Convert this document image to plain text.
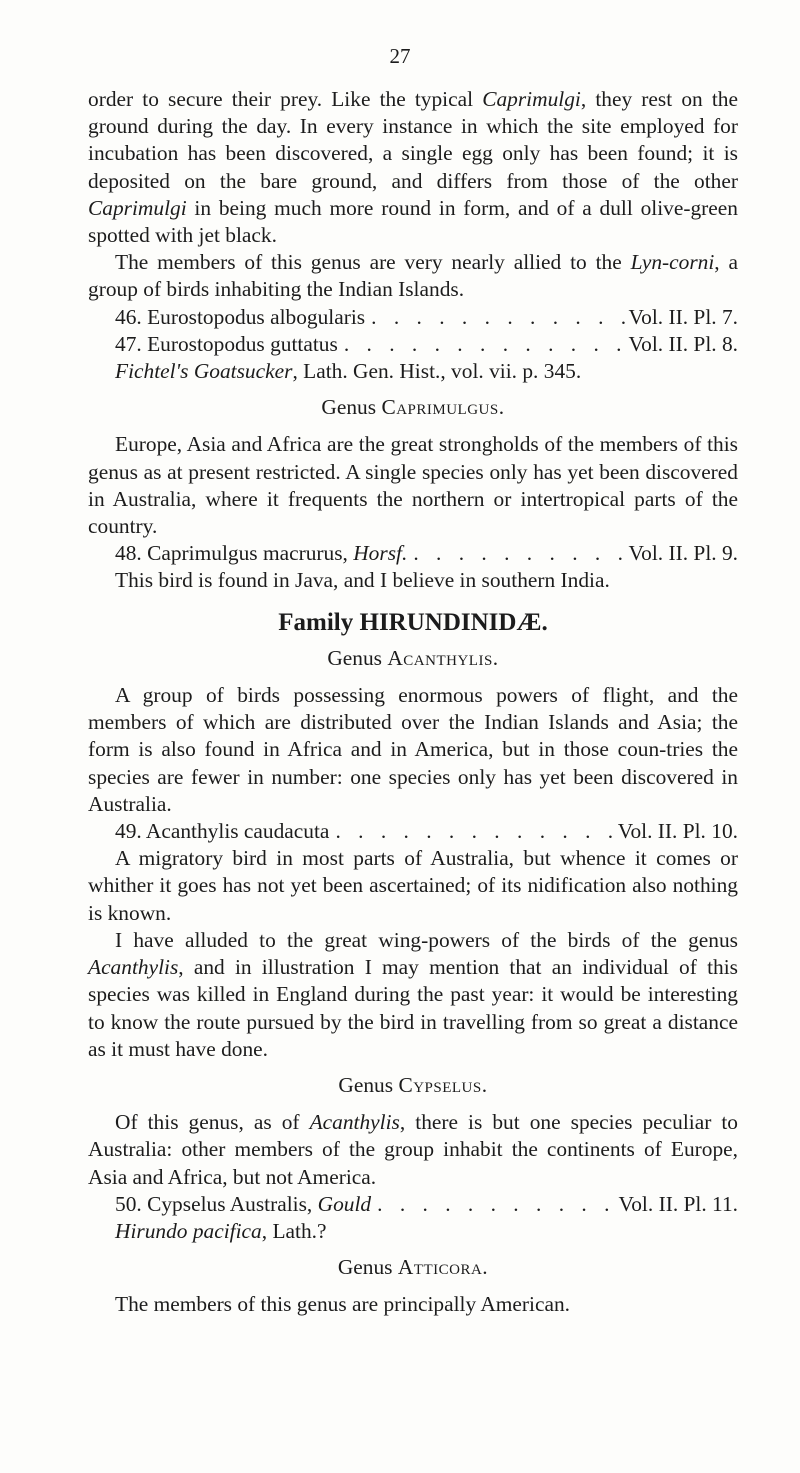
27

order to secure their prey. Like the typical Caprimulgi, they rest on the ground during the day. In every instance in which the site employed for incubation has been discovered, a single egg only has been found; it is deposited on the bare ground, and differs from those of the other Caprimulgi in being much more round in form, and of a dull olive-green spotted with jet black.

The members of this genus are very nearly allied to the Lyn-corni, a group of birds inhabiting the Indian Islands.

46. Eurostopodus albogularis . . .	Vol. II. Pl. 7.

47. Eurostopodus guttatus . . .	Vol. II. Pl. 8.

Fichtel's Goatsucker, Lath. Gen. Hist., vol. vii. p. 345.

Genus Caprimulgus.

Europe, Asia and Africa are the great strongholds of the members of this genus as at present restricted. A single species only has yet been discovered in Australia, where it frequents the northern or intertropical parts of the country.

48. Caprimulgus macrurus, Horsf. . . .	Vol. II. Pl. 9.

This bird is found in Java, and I believe in southern India.

Family HIRUNDINIDÆ.

Genus Acanthylis.

A group of birds possessing enormous powers of flight, and the members of which are distributed over the Indian Islands and Asia; the form is also found in Africa and in America, but in those coun-tries the species are fewer in number: one species only has yet been discovered in Australia.

49. Acanthylis caudacuta . . .	Vol. II. Pl. 10.

A migratory bird in most parts of Australia, but whence it comes or whither it goes has not yet been ascertained; of its nidification also nothing is known.

I have alluded to the great wing-powers of the birds of the genus Acanthylis, and in illustration I may mention that an individual of this species was killed in England during the past year: it would be interesting to know the route pursued by the bird in travelling from so great a distance as it must have done.

Genus Cypselus.

Of this genus, as of Acanthylis, there is but one species peculiar to Australia: other members of the group inhabit the continents of Europe, Asia and Africa, but not America.

50. Cypselus Australis, Gould . . .	Vol. II. Pl. 11.

Hirundo pacifica, Lath.?

Genus Atticora.

The members of this genus are principally American.
